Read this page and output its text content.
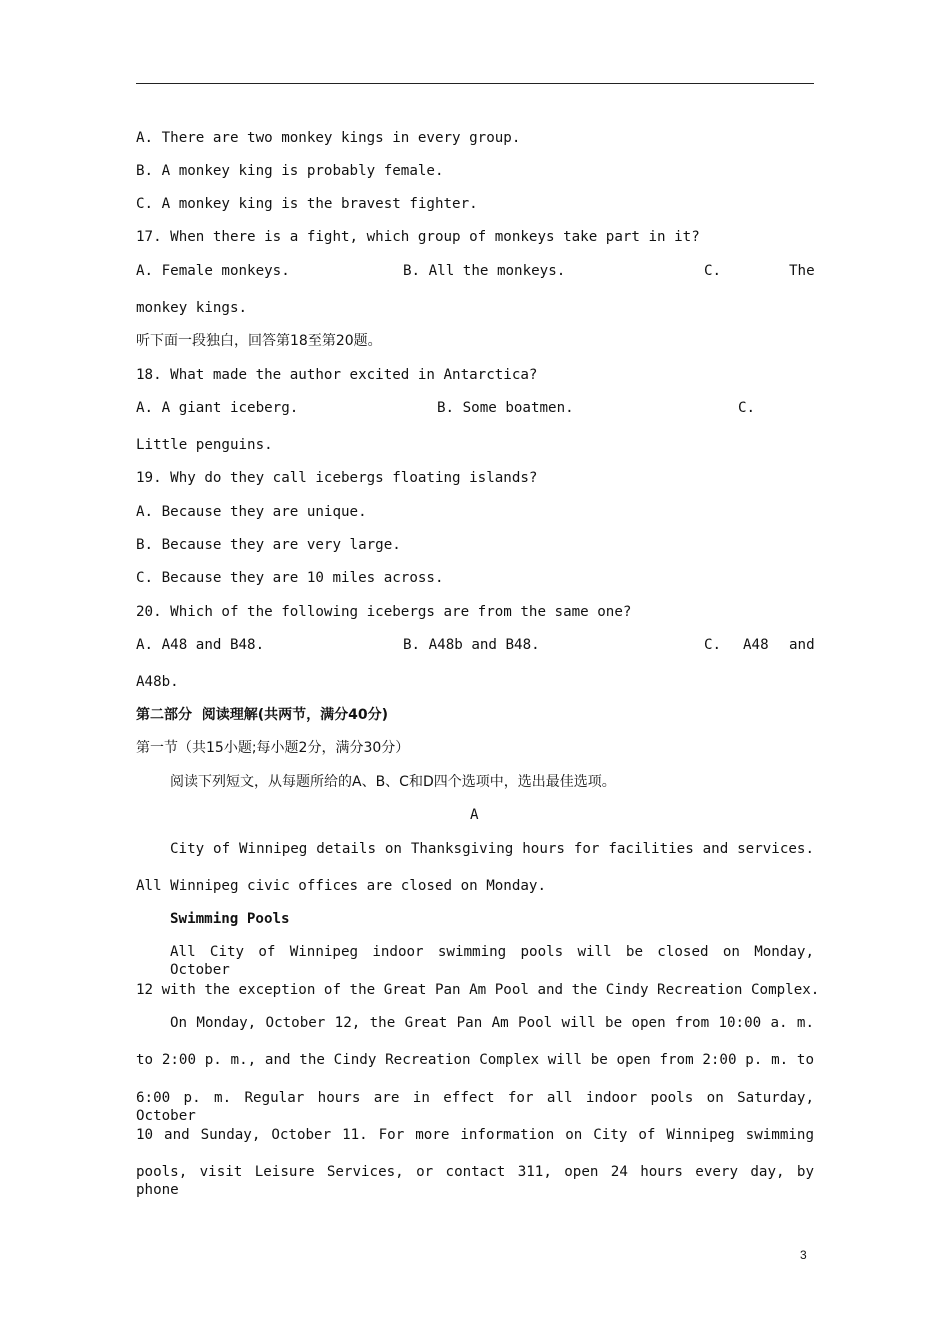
A. There are two monkey kings in every group.
B. A monkey king is probably female.
C. A monkey king is the bravest fighter.
17. When there is a fight, which group of monkeys take part in it?
A. Female monkeys.	B. All the monkeys.	C.	The
monkey kings.
听下面一段独白，回答第18至第20题。
18. What made the author excited in Antarctica?
A. A giant iceberg.	B. Some boatmen.	C.
Little penguins.
19. Why do they call icebergs floating islands?
A. Because they are unique.
B. Because they are very large.
C. Because they are 10 miles across.
20. Which of the following icebergs are from the same one?
A. A48 and B48.	B. A48b and B48.	C. A48 and
A48b.
第二部分  阅读理解(共两节，满分40分)
第一节（共15小题;每小题2分，满分30分）
阅读下列短文，从每题所给的A、B、C和D四个选项中，选出最佳选项。
A
City of Winnipeg details on Thanksgiving hours for facilities and services.
All Winnipeg civic offices are closed on Monday.
Swimming Pools
All City of Winnipeg indoor swimming pools will be closed on Monday, October
12 with the exception of the Great Pan Am Pool and the Cindy Recreation Complex.
On Monday, October 12, the Great Pan Am Pool will be open from 10:00 a. m.
to 2:00 p. m., and the Cindy Recreation Complex will be open from 2:00 p. m. to
6:00 p. m. Regular hours are in effect for all indoor pools on Saturday, October
10 and Sunday, October 11. For more information on City of Winnipeg swimming
pools, visit Leisure Services, or contact 311, open 24 hours every day, by phone
3
